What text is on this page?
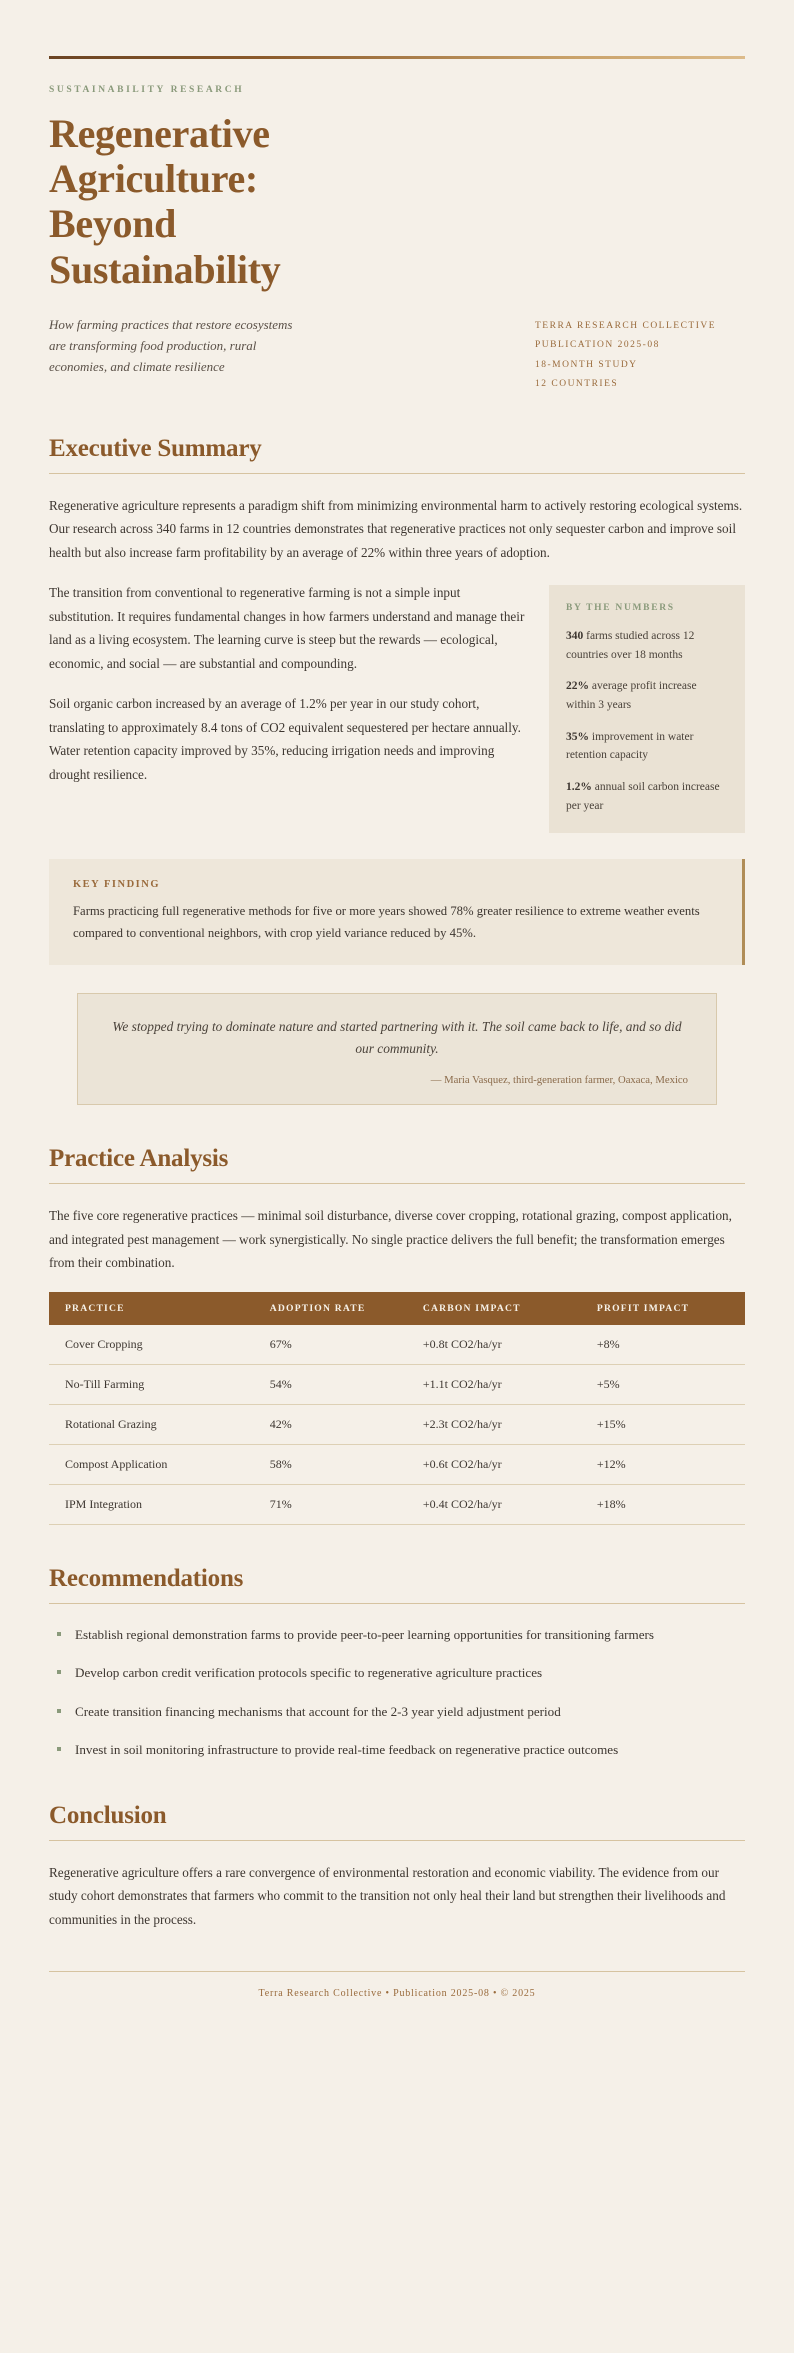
SUSTAINABILITY RESEARCH
Regenerative Agriculture: Beyond Sustainability
How farming practices that restore ecosystems are transforming food production, rural economies, and climate resilience
TERRA RESEARCH COLLECTIVE
PUBLICATION 2025-08
18-MONTH STUDY
12 COUNTRIES
Executive Summary

Regenerative agriculture represents a paradigm shift from minimizing environmental harm to actively restoring ecological systems. Our research across 340 farms in 12 countries demonstrates that regenerative practices not only sequester carbon and improve soil health but also increase farm profitability by an average of 22% within three years of adoption.

The transition from conventional to regenerative farming is not a simple input substitution. It requires fundamental changes in how farmers understand and manage their land as a living ecosystem. The learning curve is steep but the rewards — ecological, economic, and social — are substantial and compounding.

Soil organic carbon increased by an average of 1.2% per year in our study cohort, translating to approximately 8.4 tons of CO2 equivalent sequestered per hectare annually. Water retention capacity improved by 35%, reducing irrigation needs and improving drought resilience.

BY THE NUMBERS
340 farms studied across 12 countries over 18 months
22% average profit increase within 3 years
35% improvement in water retention capacity
1.2% annual soil carbon increase per year
KEY FINDING

Farms practicing full regenerative methods for five or more years showed 78% greater resilience to extreme weather events compared to conventional neighbors, with crop yield variance reduced by 45%.

We stopped trying to dominate nature and started partnering with it. The soil came back to life, and so did our community.

— Maria Vasquez, third-generation farmer, Oaxaca, Mexico
Practice Analysis

The five core regenerative practices — minimal soil disturbance, diverse cover cropping, rotational grazing, compost application, and integrated pest management — work synergistically. No single practice delivers the full benefit; the transformation emerges from their combination.

PRACTICE	ADOPTION RATE	CARBON IMPACT	PROFIT IMPACT
Cover Cropping	67%	+0.8t CO2/ha/yr	+8%
No-Till Farming	54%	+1.1t CO2/ha/yr	+5%
Rotational Grazing	42%	+2.3t CO2/ha/yr	+15%
Compost Application	58%	+0.6t CO2/ha/yr	+12%
IPM Integration	71%	+0.4t CO2/ha/yr	+18%
Recommendations
Establish regional demonstration farms to provide peer-to-peer learning opportunities for transitioning farmers
Develop carbon credit verification protocols specific to regenerative agriculture practices
Create transition financing mechanisms that account for the 2-3 year yield adjustment period
Invest in soil monitoring infrastructure to provide real-time feedback on regenerative practice outcomes
Conclusion

Regenerative agriculture offers a rare convergence of environmental restoration and economic viability. The evidence from our study cohort demonstrates that farmers who commit to the transition not only heal their land but strengthen their livelihoods and communities in the process.

Terra Research Collective • Publication 2025-08 • © 2025
